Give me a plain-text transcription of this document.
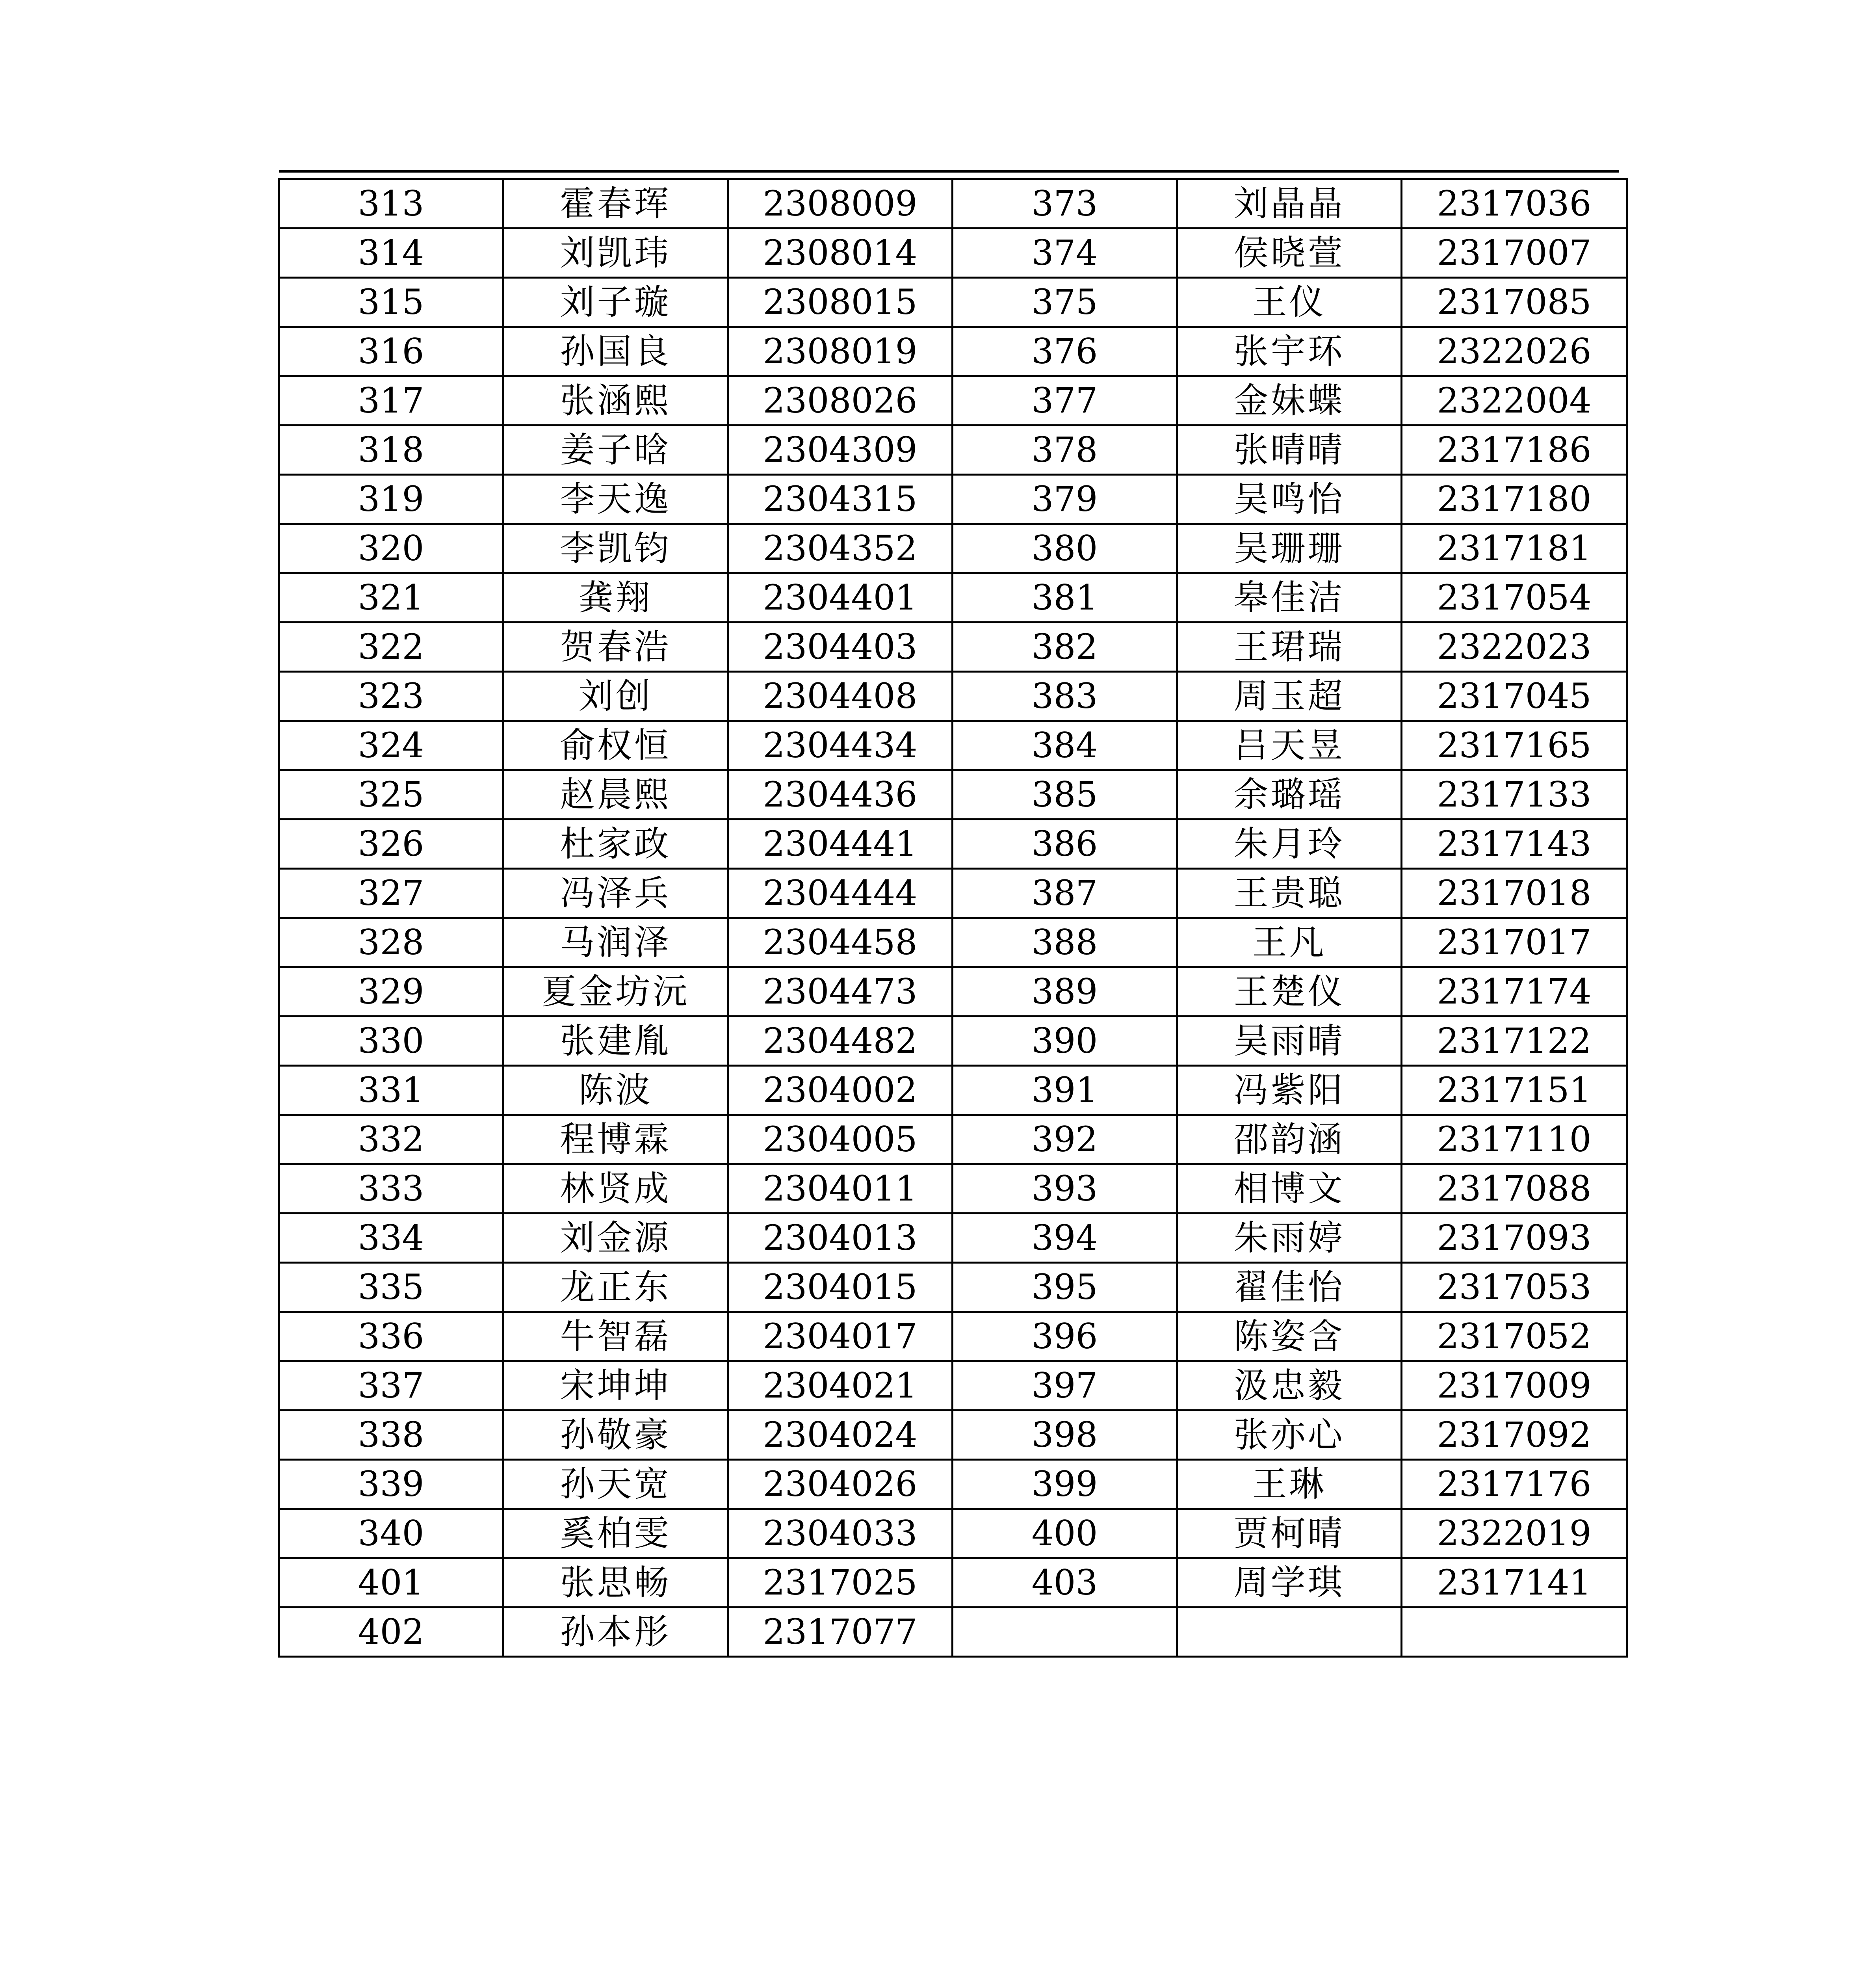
313	霍春珲	2308009	373	刘晶晶	2317036
314	刘凯玮	2308014	374	侯晓萱	2317007
315	刘子璇	2308015	375	王仪	2317085
316	孙国良	2308019	376	张宇环	2322026
317	张涵熙	2308026	377	金妹蝶	2322004
318	姜子晗	2304309	378	张晴晴	2317186
319	李天逸	2304315	379	吴鸣怡	2317180
320	李凯钧	2304352	380	吴珊珊	2317181
321	龚翔	2304401	381	皋佳洁	2317054
322	贺春浩	2304403	382	王珺瑞	2322023
323	刘创	2304408	383	周玉超	2317045
324	俞权恒	2304434	384	吕天昱	2317165
325	赵晨熙	2304436	385	余璐瑶	2317133
326	杜家政	2304441	386	朱月玲	2317143
327	冯泽兵	2304444	387	王贵聪	2317018
328	马润泽	2304458	388	王凡	2317017
329	夏金坊沅	2304473	389	王楚仪	2317174
330	张建胤	2304482	390	吴雨晴	2317122
331	陈波	2304002	391	冯紫阳	2317151
332	程博霖	2304005	392	邵韵涵	2317110
333	林贤成	2304011	393	相博文	2317088
334	刘金源	2304013	394	朱雨婷	2317093
335	龙正东	2304015	395	翟佳怡	2317053
336	牛智磊	2304017	396	陈姿含	2317052
337	宋坤坤	2304021	397	汲忠毅	2317009
338	孙敬豪	2304024	398	张亦心	2317092
339	孙天宽	2304026	399	王琳	2317176
340	奚柏雯	2304033	400	贾柯晴	2322019
401	张思畅	2317025	403	周学琪	2317141
402	孙本彤	2317077			
